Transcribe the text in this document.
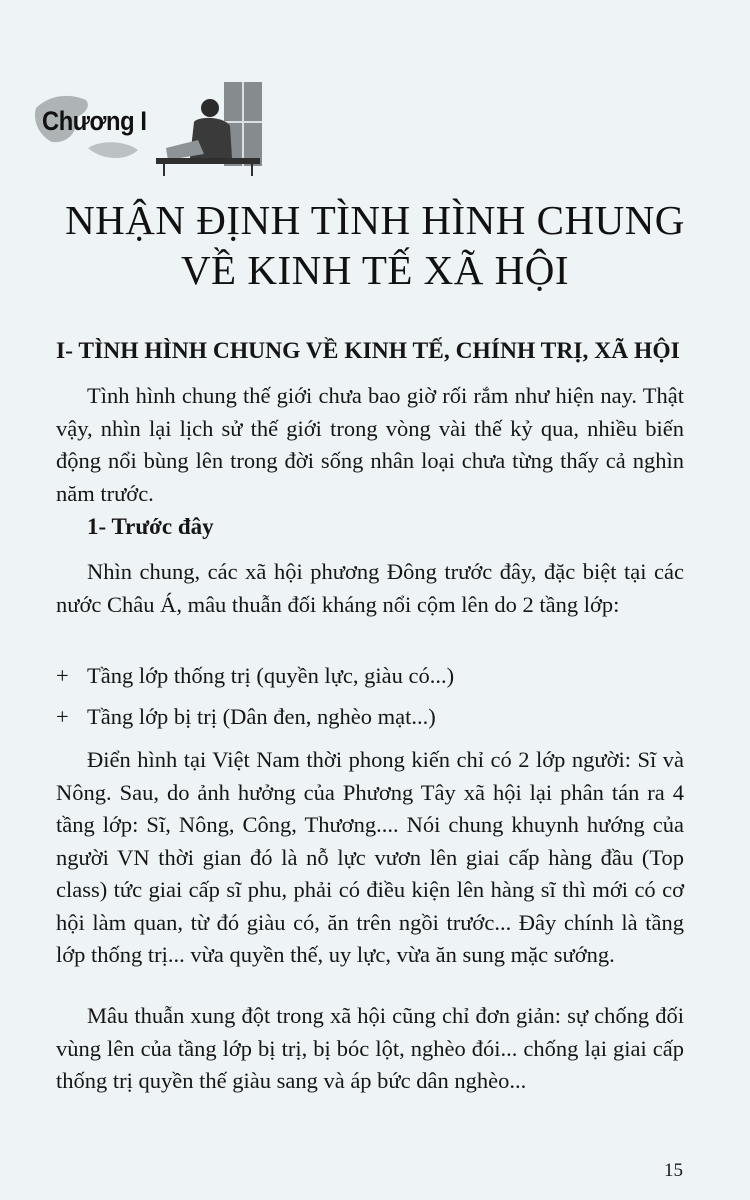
Chương I
NHẬN ĐỊNH TÌNH HÌNH CHUNG
VỀ KINH TẾ XÃ HỘI
I- TÌNH HÌNH CHUNG VỀ KINH TẾ, CHÍNH TRỊ, XÃ HỘI

Tình hình chung thế giới chưa bao giờ rối rắm như hiện nay. Thật vậy, nhìn lại lịch sử thế giới trong vòng vài thế kỷ qua, nhiều biến động nổi bùng lên trong đời sống nhân loại chưa từng thấy cả nghìn năm trước.

1- Trước đây

Nhìn chung, các xã hội phương Đông trước đây, đặc biệt tại các nước Châu Á, mâu thuẫn đối kháng nổi cộm lên do 2 tầng lớp:

+ Tầng lớp thống trị (quyền lực, giàu có...)
+ Tầng lớp bị trị (Dân đen, nghèo mạt...)

Điển hình tại Việt Nam thời phong kiến chỉ có 2 lớp người: Sĩ và Nông. Sau, do ảnh hưởng của Phương Tây xã hội lại phân tán ra 4 tầng lớp: Sĩ, Nông, Công, Thương.... Nói chung khuynh hướng của người VN thời gian đó là nỗ lực vươn lên giai cấp hàng đầu (Top class) tức giai cấp sĩ phu, phải có điều kiện lên hàng sĩ thì mới có cơ hội làm quan, từ đó giàu có, ăn trên ngồi trước... Đây chính là tầng lớp thống trị... vừa quyền thế, uy lực, vừa ăn sung mặc sướng.

Mâu thuẫn xung đột trong xã hội cũng chỉ đơn giản: sự chống đối vùng lên của tầng lớp bị trị, bị bóc lột, nghèo đói... chống lại giai cấp thống trị quyền thế giàu sang và áp bức dân nghèo...

15
